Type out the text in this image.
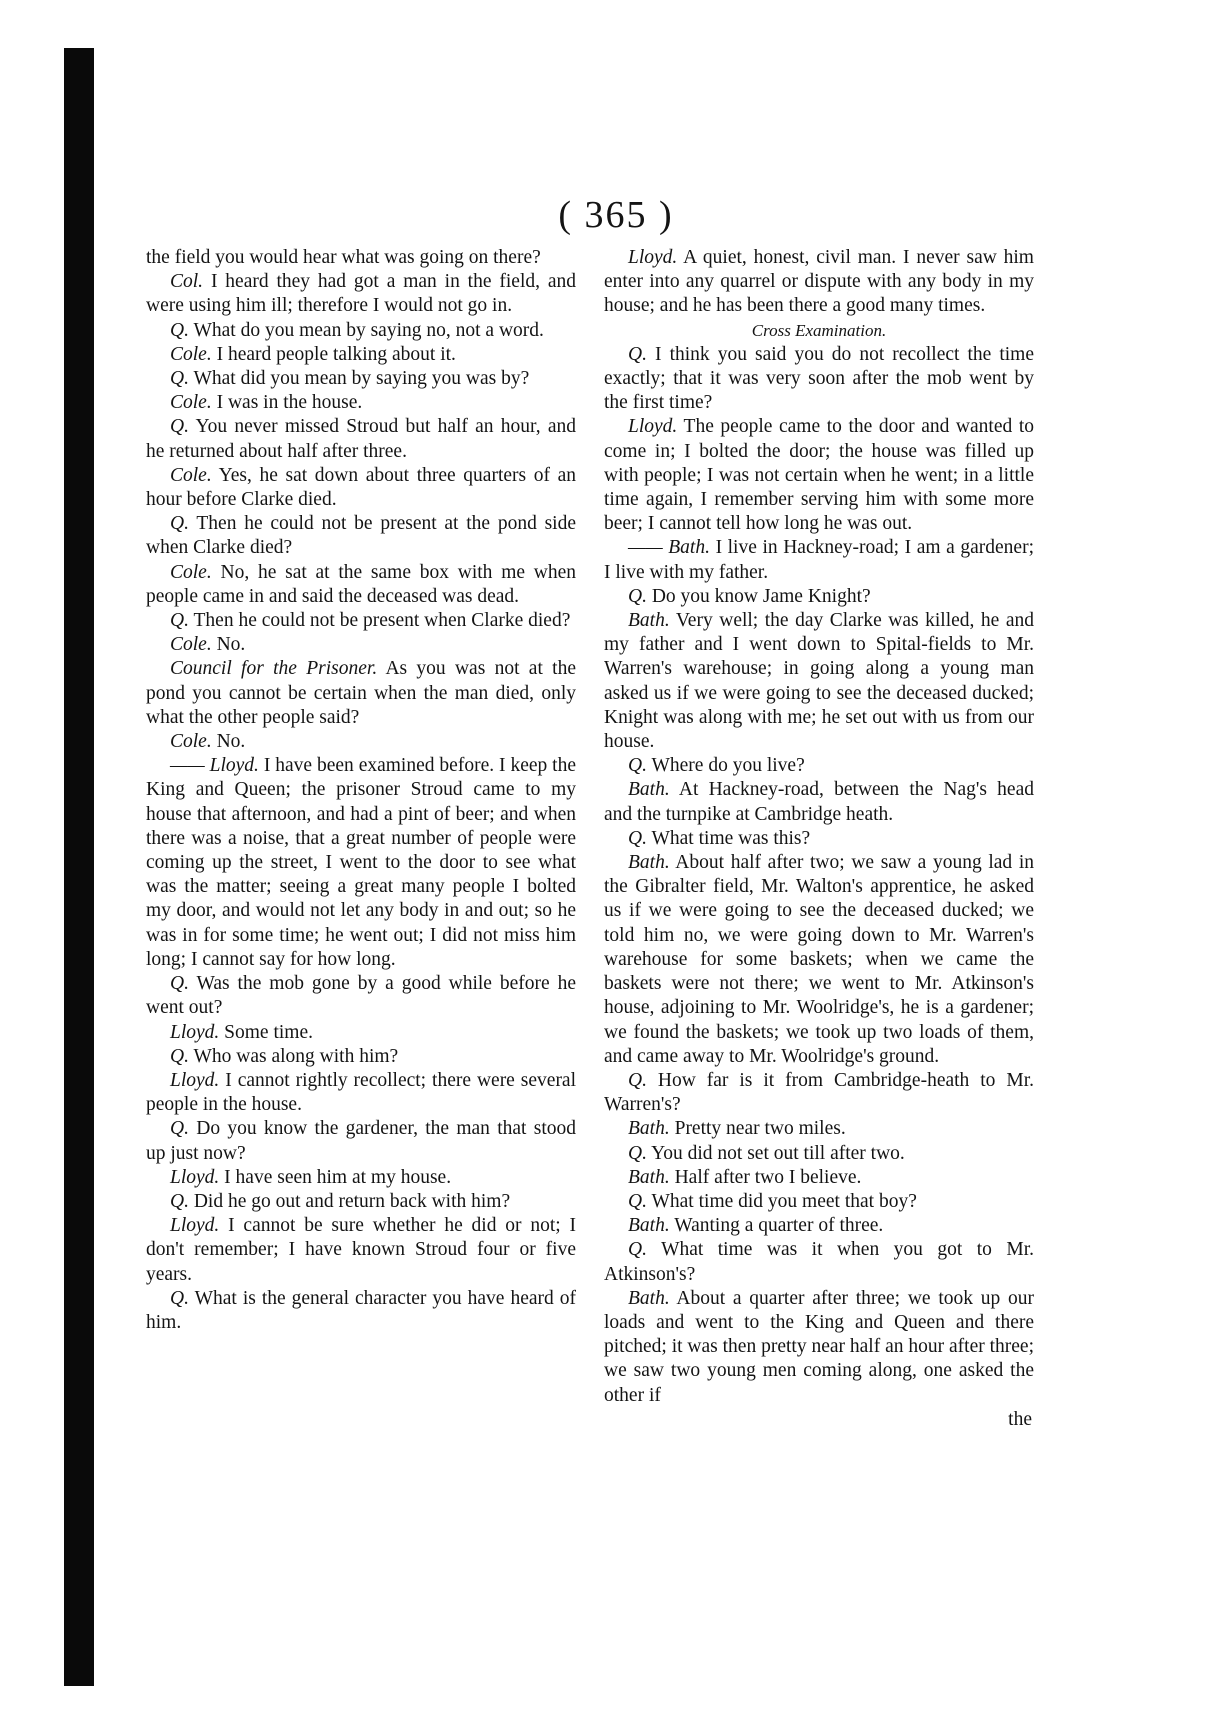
( 365 )

the field you would hear what was going on there?

Col. I heard they had got a man in the field, and were using him ill; therefore I would not go in.

Q. What do you mean by saying no, not a word.

Cole. I heard people talking about it.

Q. What did you mean by saying you was by?

Cole. I was in the house.

Q. You never missed Stroud but half an hour, and he returned about half after three.

Cole. Yes, he sat down about three quarters of an hour before Clarke died.

Q. Then he could not be present at the pond side when Clarke died?

Cole. No, he sat at the same box with me when people came in and said the deceased was dead.

Q. Then he could not be present when Clarke died?

Cole. No.

Council for the Prisoner. As you was not at the pond you cannot be certain when the man died, only what the other people said?

Cole. No.

—— Lloyd. I have been examined before. I keep the King and Queen; the prisoner Stroud came to my house that afternoon, and had a pint of beer; and when there was a noise, that a great number of people were coming up the street, I went to the door to see what was the matter; seeing a great many people I bolted my door, and would not let any body in and out; so he was in for some time; he went out; I did not miss him long; I cannot say for how long.

Q. Was the mob gone by a good while before he went out?

Lloyd. Some time.

Q. Who was along with him?

Lloyd. I cannot rightly recollect; there were several people in the house.

Q. Do you know the gardener, the man that stood up just now?

Lloyd. I have seen him at my house.

Q. Did he go out and return back with him?

Lloyd. I cannot be sure whether he did or not; I don't remember; I have known Stroud four or five years.

Q. What is the general character you have heard of him.

Lloyd. A quiet, honest, civil man. I never saw him enter into any quarrel or dispute with any body in my house; and he has been there a good many times.

Cross Examination.

Q. I think you said you do not recollect the time exactly; that it was very soon after the mob went by the first time?

Lloyd. The people came to the door and wanted to come in; I bolted the door; the house was filled up with people; I was not certain when he went; in a little time again, I remember serving him with some more beer; I cannot tell how long he was out.

—— Bath. I live in Hackney-road; I am a gardener; I live with my father.

Q. Do you know Jame Knight?

Bath. Very well; the day Clarke was killed, he and my father and I went down to Spital-fields to Mr. Warren's warehouse; in going along a young man asked us if we were going to see the deceased ducked; Knight was along with me; he set out with us from our house.

Q. Where do you live?

Bath. At Hackney-road, between the Nag's head and the turnpike at Cambridge heath.

Q. What time was this?

Bath. About half after two; we saw a young lad in the Gibralter field, Mr. Walton's apprentice, he asked us if we were going to see the deceased ducked; we told him no, we were going down to Mr. Warren's warehouse for some baskets; when we came the baskets were not there; we went to Mr. Atkinson's house, adjoining to Mr. Woolridge's, he is a gardener; we found the baskets; we took up two loads of them, and came away to Mr. Woolridge's ground.

Q. How far is it from Cambridge-heath to Mr. Warren's?

Bath. Pretty near two miles.

Q. You did not set out till after two.

Bath. Half after two I believe.

Q. What time did you meet that boy?

Bath. Wanting a quarter of three.

Q. What time was it when you got to Mr. Atkinson's?

Bath. About a quarter after three; we took up our loads and went to the King and Queen and there pitched; it was then pretty near half an hour after three; we saw two young men coming along, one asked the other if

the
